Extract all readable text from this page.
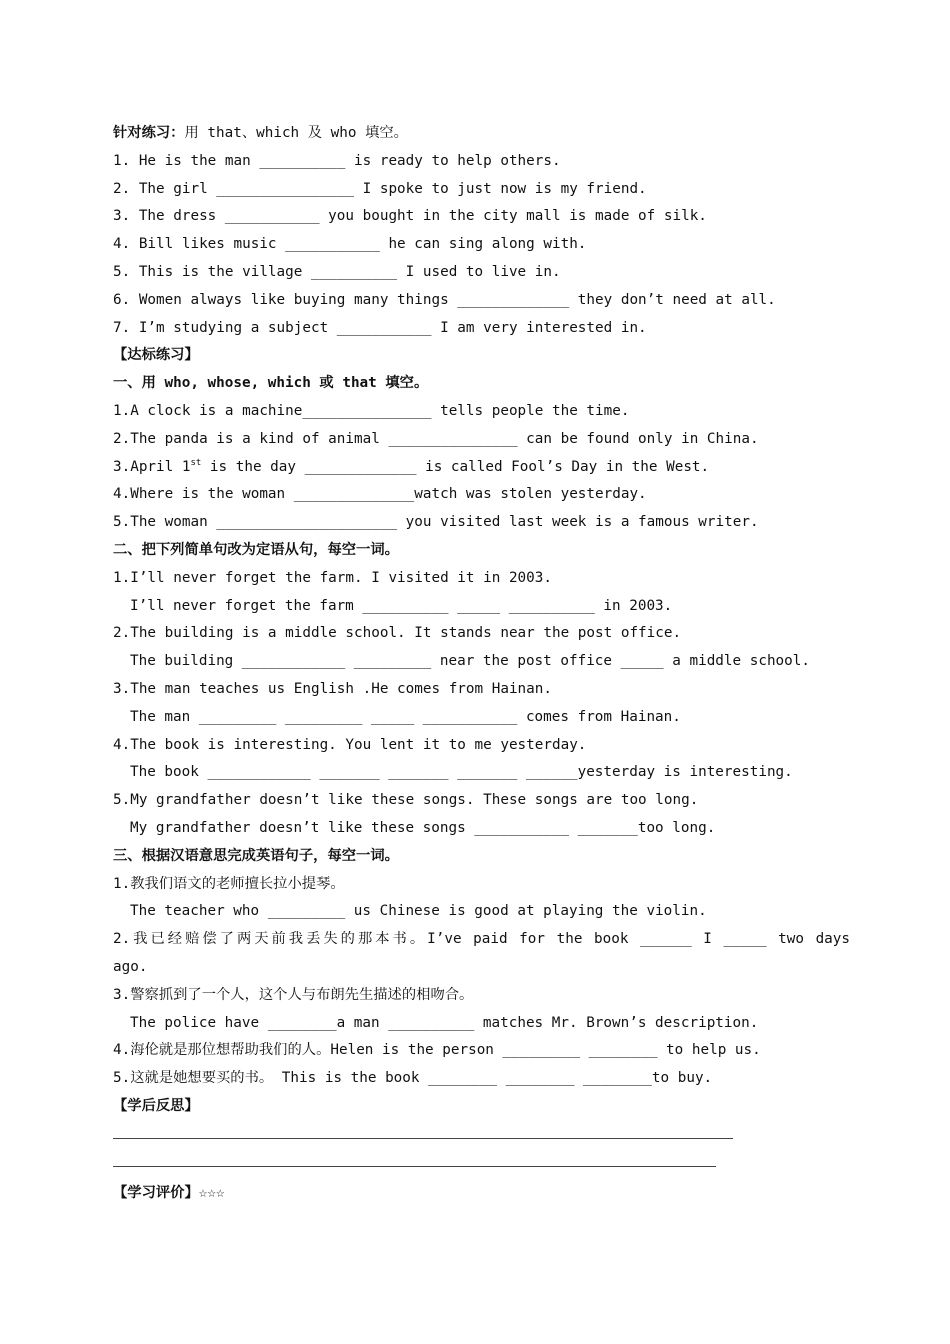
针对练习：用 that、which 及 who 填空。
1. He is the man __________ is ready to help others.
2. The girl ________________ I spoke to just now is my friend.
3. The dress ___________ you bought in the city mall is made of silk.
4. Bill likes music ___________ he can sing along with.
5. This is the village __________ I used to live in.
6. Women always like buying many things _____________ they don’t need at all.
7. I’m studying a subject ___________ I am very interested in.
【达标练习】
一、用 who, whose, which 或 that 填空。
1.A clock is a machine_______________ tells people the time.
2.The panda is a kind of animal _______________ can be found only in China.
3.April 1st is the day _____________ is called Fool’s Day in the West.
4.Where is the woman ______________watch was stolen yesterday.
5.The woman _____________________ you visited last week is a famous writer.
二、把下列简单句改为定语从句，每空一词。
1.I’ll never forget the farm. I visited it in 2003.
I’ll never forget the farm __________ _____ __________ in 2003.
2.The building is a middle school. It stands near the post office.
The building ____________ _________ near the post office _____ a middle school.
3.The man teaches us English .He comes from Hainan.
The man _________ _________ _____ ___________ comes from Hainan.
4.The book is interesting. You lent it to me yesterday.
The book ____________ _______ _______ _______ ______yesterday is interesting.
5.My grandfather doesn’t like these songs. These songs are too long.
My grandfather doesn’t like these songs ___________ _______too long.
三、根据汉语意思完成英语句子，每空一词。
1.教我们语文的老师擅长拉小提琴。
The teacher who _________ us Chinese is good at playing the violin.
2.我已经赔偿了两天前我丢失的那本书。I’ve paid for the book ______ I _____ two days
ago.
3.警察抓到了一个人，这个人与布朗先生描述的相吻合。
The police have ________a man __________ matches Mr. Brown’s description.
4.海伦就是那位想帮助我们的人。Helen is the person _________ ________ to help us.
5.这就是她想要买的书。 This is the book ________ ________ ________to buy.
【学后反思】
【学习评价】☆☆☆
